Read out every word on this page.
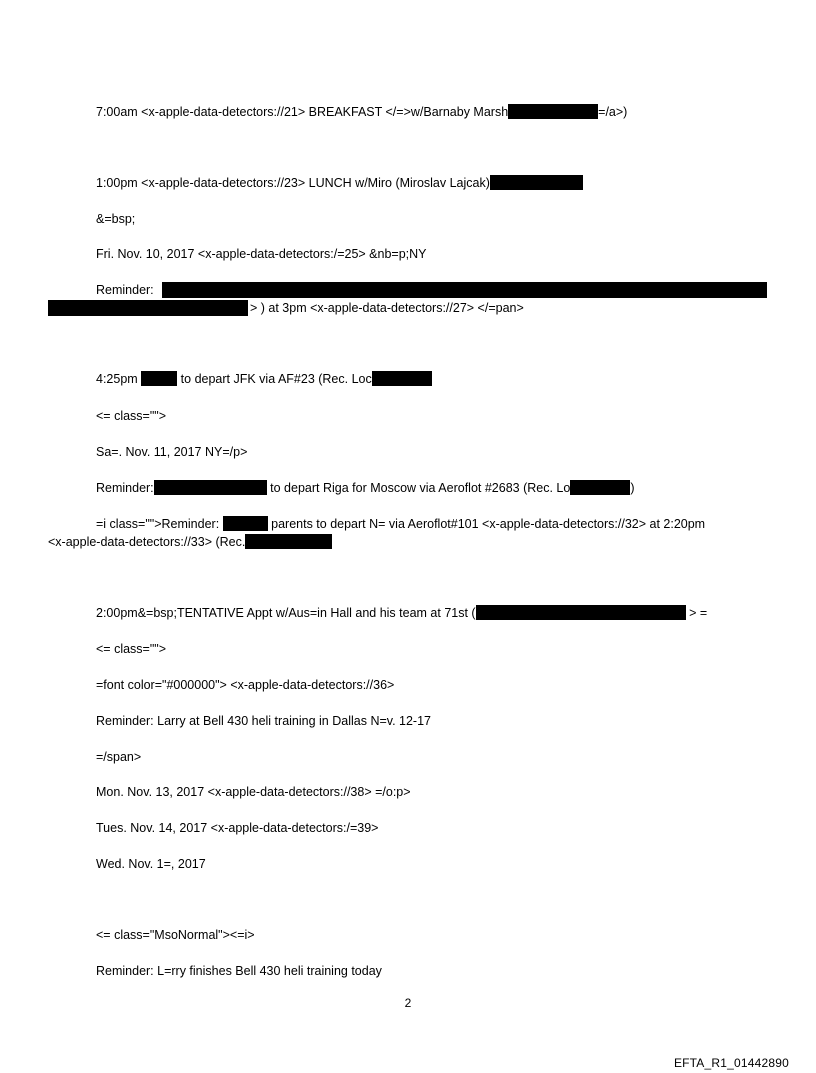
7:00am <x-apple-data-detectors://21> BREAKFAST </=>w/Barnaby Marsh	=/a>)
1:00pm <x-apple-data-detectors://23> LUNCH w/Miro (Miroslav Lajcak)
&=bsp;
Fri. Nov. 10, 2017 <x-apple-data-detectors:/=25> &nb=p;NY
Reminder:
> ) at 3pm <x-apple-data-detectors://27> </=pan>
4:25pm	to depart JFK via AF#23 (Rec. Loc
<= class="">
Sa=. Nov. 11, 2017 NY=/p>
Reminder:	to depart Riga for Moscow via Aeroflot #2683 (Rec. Lo	)
=i class="">Reminder:	parents to depart N= via Aeroflot#101 <x-apple-data-detectors://32> at 2:20pm
<x-apple-data-detectors://33> (Rec.
2:00pm&=bsp;TENTATIVE Appt w/Aus=in Hall and his team at 71st (	> =
<= class="">
=font color="#000000"> <x-apple-data-detectors://36>
Reminder: Larry at Bell 430 heli training in Dallas N=v. 12-17
=/span>
Mon. Nov. 13, 2017 <x-apple-data-detectors://38> =/o:p>
Tues. Nov. 14, 2017 <x-apple-data-detectors:/=39>
Wed. Nov. 1=, 2017
<= class="MsoNormal"><=i>
Reminder: L=rry finishes Bell 430 heli training today
2
EFTA_R1_01442890
